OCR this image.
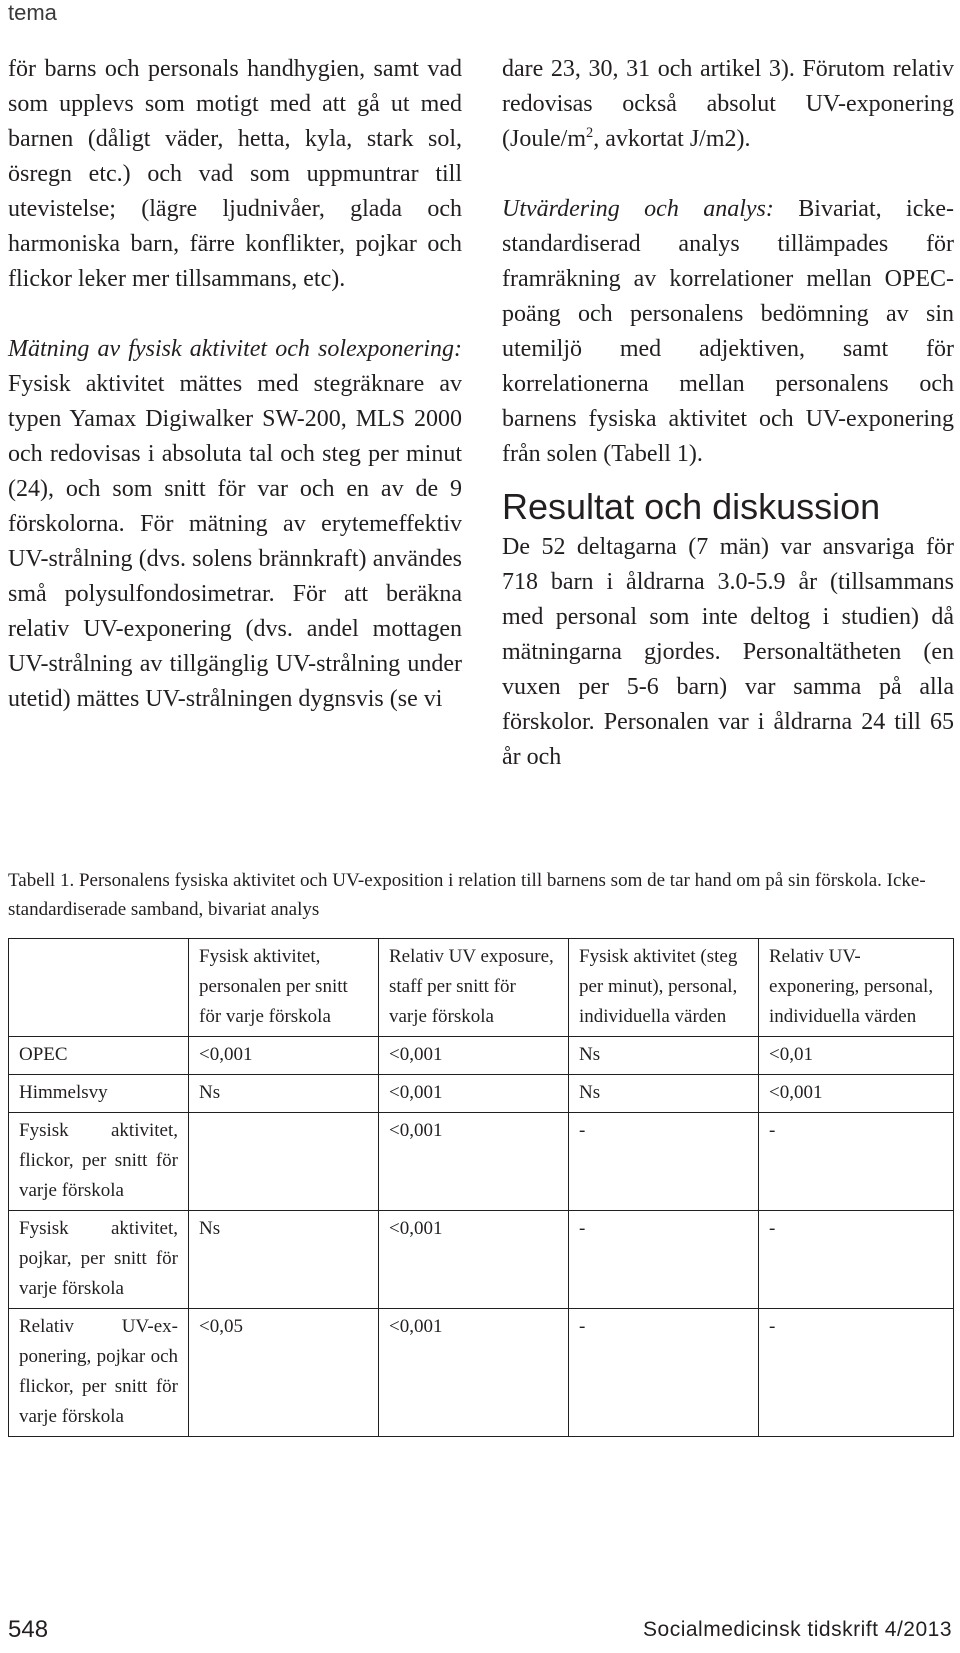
tema

för barns och personals handhygien, samt vad som upplevs som motigt med att gå ut med barnen (dåligt väder, hetta, kyla, stark sol, ösregn etc.) och vad som uppmuntrar till utevistelse; (lägre ljudnivåer, glada och harmoniska barn, färre konflikter, pojkar och flickor leker mer tillsammans, etc).

Mätning av fysisk aktivitet och solexponering: Fysisk aktivitet mättes med stegräknare av typen Yamax Digiwalker SW-200, MLS 2000 och redovisas i absoluta tal och steg per minut (24), och som snitt för var och en av de 9 förskolorna. För mätning av erytemeffektiv UV-strålning (dvs. solens brännkraft) användes små polysulfondosimetrar. För att beräkna relativ UV-exponering (dvs. andel mottagen UV-strålning av tillgänglig UV-strålning under utetid) mättes UV-strålningen dygnsvis (se vi

dare 23, 30, 31 och artikel 3). Förutom relativ redovisas också absolut UV-exponering ($Joule/m^2$, avkortat J/m2).

Utvärdering och analys: Bivariat, icke-standardiserad analys tillämpades för framräkning av korrelationer mellan OPEC-poäng och personalens bedömning av sin utemiljö med adjektiven, samt för korrelationerna mellan personalens och barnens fysiska aktivitet och UV-exponering från solen (Tabell 1).

Resultat och diskussion

De 52 deltagarna (7 män) var ansvariga för 718 barn i åldrarna 3.0-5.9 år (tillsammans med personal som inte deltog i studien) då mätningarna gjordes. Personaltätheten (en vuxen per 5-6 barn) var samma på alla förskolor. Personalen var i åldrarna 24 till 65 år och

Tabell 1. Personalens fysiska aktivitet och UV-exposition i relation till barnens som de tar hand om på sin förskola. Icke-standardiserade samband, bivariat analys
	Fysisk aktivitet, personalen per snitt för varje förskola	Relativ UV exposure, staff per snitt för varje förskola	Fysisk aktivitet (steg per minut), personal, individuella värden	Relativ UV-exponering, personal, individuella värden
OPEC	<0,001	<0,001	Ns	<0,01
Himmelsvy	Ns	<0,001	Ns	<0,001
Fysisk aktivitet, flickor, per snitt för varje förskola		<0,001	-	-
Fysisk aktivitet, pojkar, per snitt för varje förskola	Ns	<0,001	-	-
Relativ UV-exponering, pojkar och flickor, per snitt för varje förskola	<0,05	<0,001	-	-
548	Socialmedicinsk tidskrift 4/2013
